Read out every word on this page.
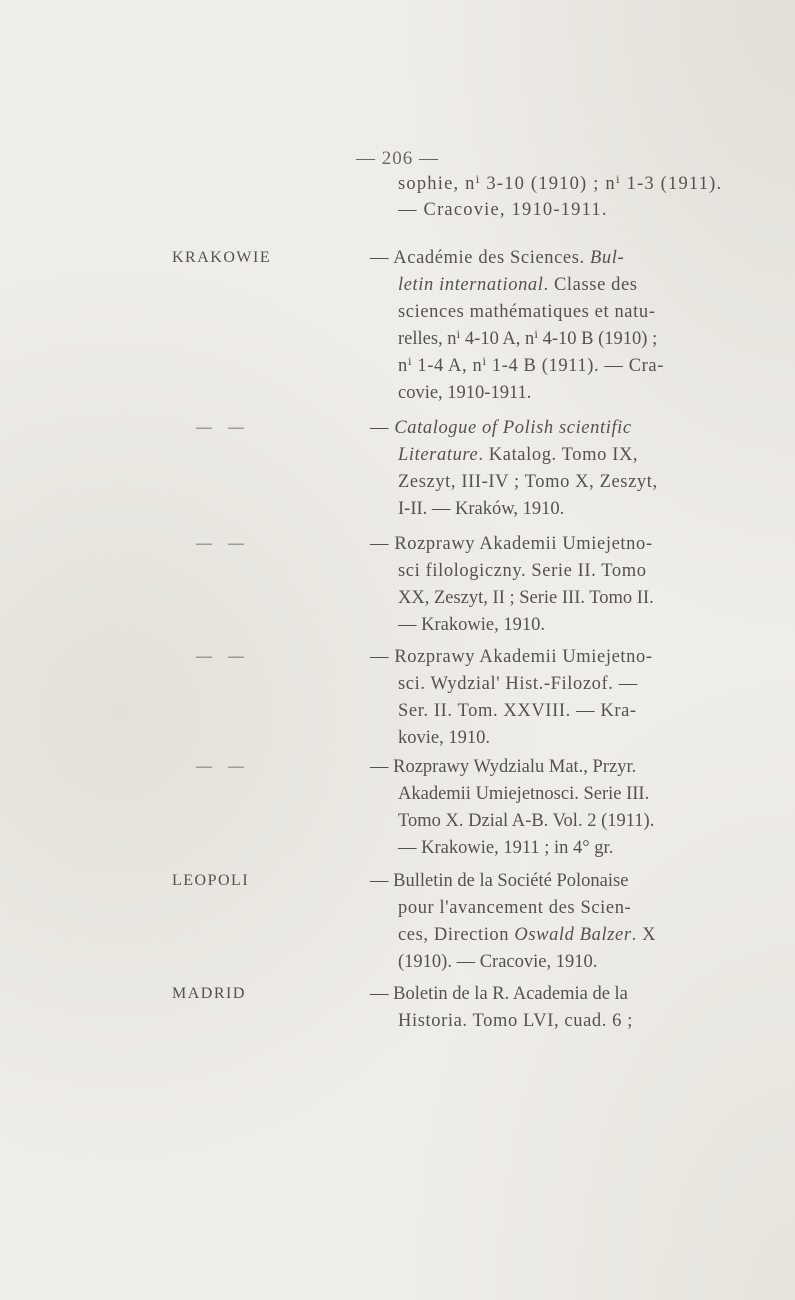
— 206 —
sophie, nⁱ 3-10 (1910) ; nⁱ 1-3 (1911).
— Cracovie, 1910-1911.
KRAKOWIE	— Académie des Sciences. Bul-
letin international. Classe des
sciences mathématiques et natu-
relles, nⁱ 4-10 A, nⁱ 4-10 B (1910) ;
nⁱ 1-4 A, nⁱ 1-4 B (1911). — Cra-
covie, 1910-1911.
— —	— Catalogue of Polish scientific
Literature. Katalog. Tomo IX,
Zeszyt, III-IV ; Tomo X, Zeszyt,
I-II. — Kraków, 1910.
— —	— Rozprawy Akademii Umiejetno-
sci filologiczny. Serie II. Tomo
XX, Zeszyt, II ; Serie III. Tomo II.
— Krakowie, 1910.
— —	— Rozprawy Akademii Umiejetno-
sci. Wydzial' Hist.-Filozof. —
Ser. II. Tom. XXVIII. — Kra-
kovie, 1910.
— —	— Rozprawy Wydzialu Mat., Przyr.
Akademii Umiejetnosci. Serie III.
Tomo X. Dzial A-B. Vol. 2 (1911).
— Krakowie, 1911 ; in 4° gr.
LEOPOLI	— Bulletin de la Société Polonaise
pour l'avancement des Scien-
ces, Direction Oswald Balzer. X
(1910). — Cracovie, 1910.
MADRID	— Boletin de la R. Academia de la
Historia. Tomo LVI, cuad. 6 ;
